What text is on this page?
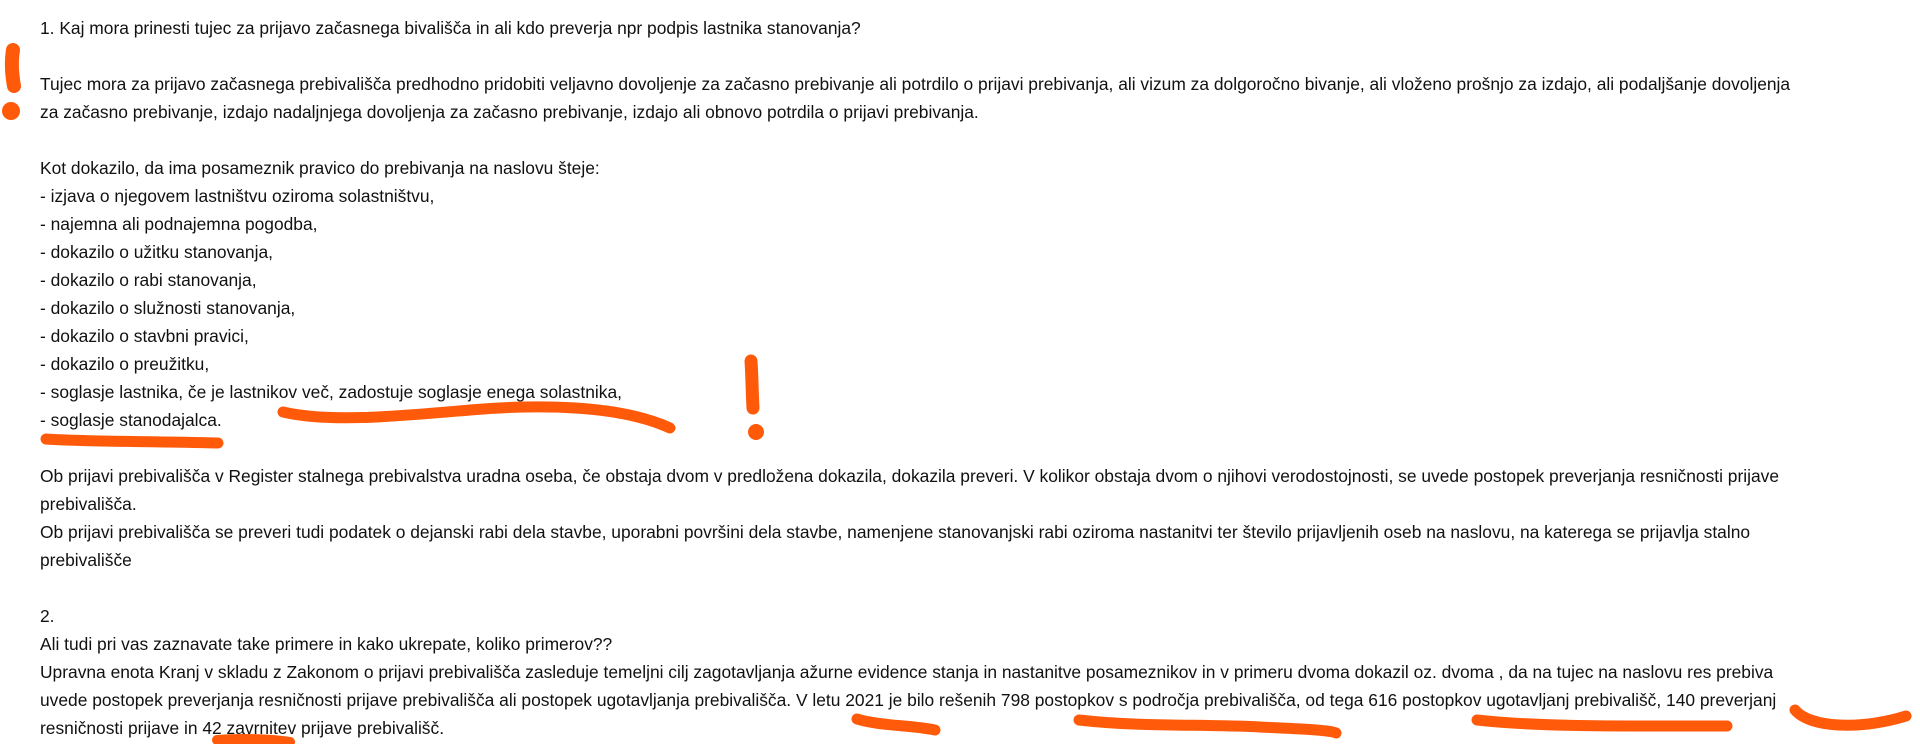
1. Kaj mora prinesti tujec za prijavo začasnega bivališča in ali kdo preverja npr podpis lastnika stanovanja?

Tujec mora za prijavo začasnega prebivališča predhodno pridobiti veljavno dovoljenje za začasno prebivanje ali potrdilo o prijavi prebivanja, ali vizum za dolgoročno bivanje, ali vloženo prošnjo za izdajo, ali podaljšanje dovoljenja

za začasno prebivanje, izdajo nadaljnjega dovoljenja za začasno prebivanje, izdajo ali obnovo potrdila o prijavi prebivanja.

Kot dokazilo, da ima posameznik pravico do prebivanja na naslovu šteje:

- izjava o njegovem lastništvu oziroma solastništvu,

- najemna ali podnajemna pogodba,

- dokazilo o užitku stanovanja,

- dokazilo o rabi stanovanja,

- dokazilo o služnosti stanovanja,

- dokazilo o stavbni pravici,

- dokazilo o preužitku,

- soglasje lastnika, če je lastnikov več, zadostuje soglasje enega solastnika,

- soglasje stanodajalca.

Ob prijavi prebivališča v Register stalnega prebivalstva uradna oseba, če obstaja dvom v predložena dokazila, dokazila preveri. V kolikor obstaja dvom o njihovi verodostojnosti, se uvede postopek preverjanja resničnosti prijave

prebivališča.

Ob prijavi prebivališča se preveri tudi podatek o dejanski rabi dela stavbe, uporabni površini dela stavbe, namenjene stanovanjski rabi oziroma nastanitvi ter število prijavljenih oseb na naslovu, na katerega se prijavlja stalno

prebivališče

2.

Ali tudi pri vas zaznavate take primere in kako ukrepate, koliko primerov??

Upravna enota Kranj v skladu z Zakonom o prijavi prebivališča zasleduje temeljni cilj zagotavljanja ažurne evidence stanja in nastanitve posameznikov in v primeru dvoma dokazil oz. dvoma , da na tujec na naslovu res prebiva

uvede postopek preverjanja resničnosti prijave prebivališča ali postopek ugotavljanja prebivališča. V letu 2021 je bilo rešenih 798 postopkov s področja prebivališča, od tega 616 postopkov ugotavljanj prebivališč, 140 preverjanj

resničnosti prijave in 42 zavrnitev prijave prebivališč.
